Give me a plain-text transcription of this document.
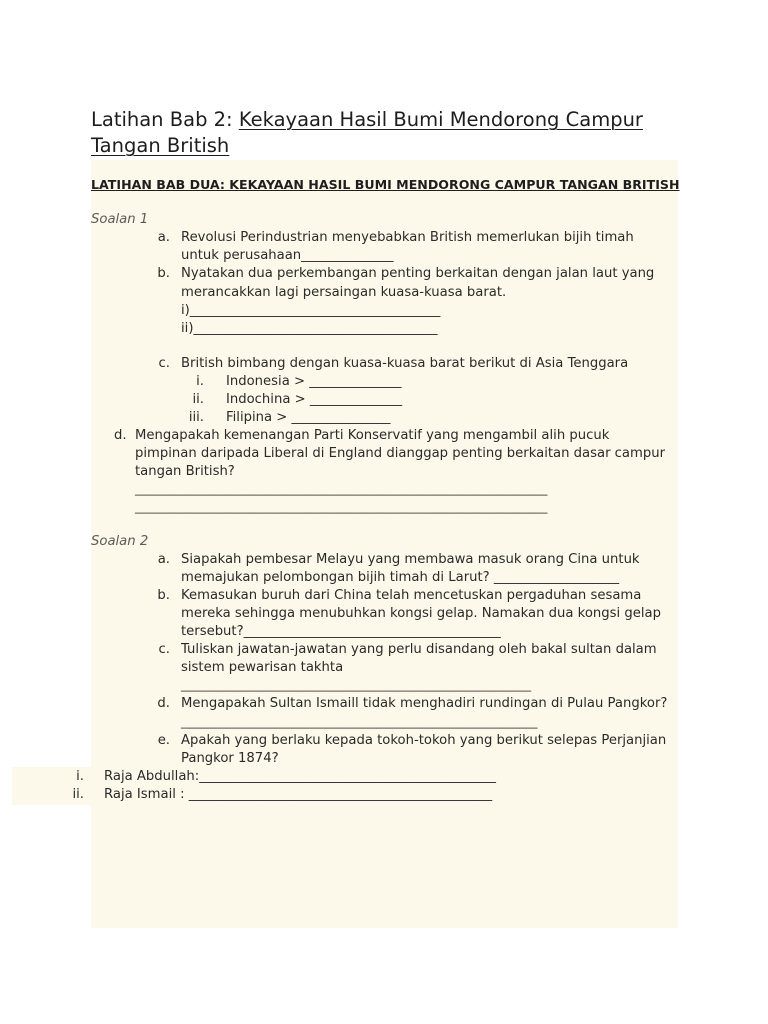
Latihan Bab 2: Kekayaan Hasil Bumi Mendorong Campur
Tangan British
LATIHAN BAB DUA: KEKAYAAN HASIL BUMI MENDORONG CAMPUR TANGAN BRITISH
Soalan 1
a. Revolusi Perindustrian menyebabkan British memerlukan bijih timah
untuk perusahaan______________
b. Nyatakan dua perkembangan penting berkaitan dengan jalan laut yang
merancakkan lagi persaingan kuasa-kuasa barat.
i)______________________________________
ii)_____________________________________
c. British bimbang dengan kuasa-kuasa barat berikut di Asia Tenggara
i. Indonesia > ______________
ii. Indochina > ______________
iii. Filipina > _______________
d. Mengapakah kemenangan Parti Konservatif yang mengambil alih pucuk
pimpinan daripada Liberal di England dianggap penting berkaitan dasar campur
tangan British?
_________________________________________________________________________
_________________________________________________________________________
Soalan 2
a. Siapakah pembesar Melayu yang membawa masuk orang Cina untuk
memajukan pelombongan bijih timah di Larut? ___________________
b. Kemasukan buruh dari China telah mencetuskan pergaduhan sesama
mereka sehingga menubuhkan kongsi gelap. Namakan dua kongsi gelap
tersebut?_______________________________________
c. Tuliskan jawatan-jawatan yang perlu disandang oleh bakal sultan dalam
sistem pewarisan takhta
______________________________________________________________
d. Mengapakah Sultan Ismaill tidak menghadiri rundingan di Pulau Pangkor?
______________________________________________________________
e. Apakah yang berlaku kepada tokoh-tokoh yang berikut selepas Perjanjian
Pangkor 1874?
i. Raja Abdullah:_____________________________________________
ii. Raja Ismail : ______________________________________________
